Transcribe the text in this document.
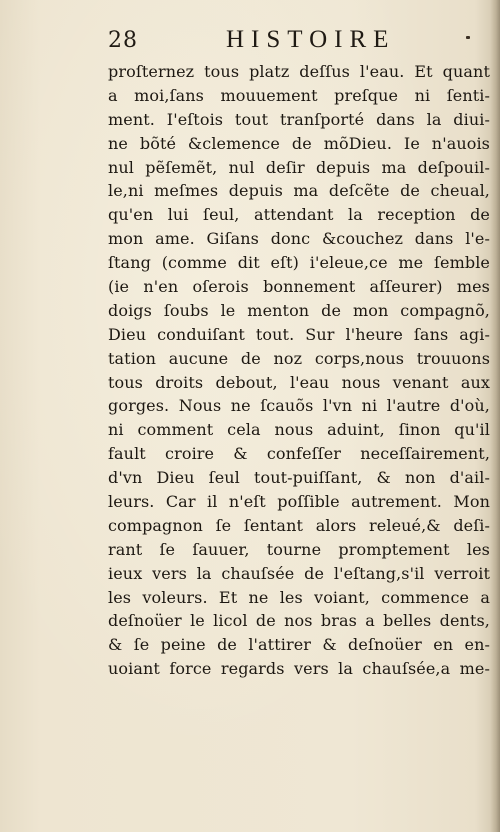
28	HISTOIRE
proſternez tous platz deſſus l'eau. Et quant
a moi,ſans mouuement preſque ni ſenti-
ment. I'eſtois tout tranſporté dans la diui-
ne bõté &clemence de mõDieu. Ie n'auois
nul pẽſemẽt, nul deſir depuis ma deſpouil-
le,ni meſmes depuis ma deſcẽte de cheual,
qu'en lui ſeul, attendant la reception de
mon ame. Giſans donc &couchez dans l'e-
ſtang (comme dit eſt) i'eleue,ce me ſemble
(ie n'en oſerois bonnement aſſeurer) mes
doigs ſoubs le menton de mon compagnõ,
Dieu conduiſant tout. Sur l'heure ſans agi-
tation aucune de noz corps,nous trouuons
tous droits debout, l'eau nous venant aux
gorges. Nous ne ſcauõs l'vn ni l'autre d'où,
ni comment cela nous aduint, ſinon qu'il
fault croire & confeſſer neceſſairement,
d'vn Dieu ſeul tout-puiſſant, & non d'ail-
leurs. Car il n'eſt poſſible autrement. Mon
compagnon ſe ſentant alors releué,& deſi-
rant ſe ſauuer, tourne promptement les
ieux vers la chauſsée de l'eſtang,s'il verroit
les voleurs. Et ne les voiant, commence a
deſnoüer le licol de nos bras a belles dents,
& ſe peine de l'attirer & deſnoüer en en-
uoiant force regards vers la chauſsée,a me-
